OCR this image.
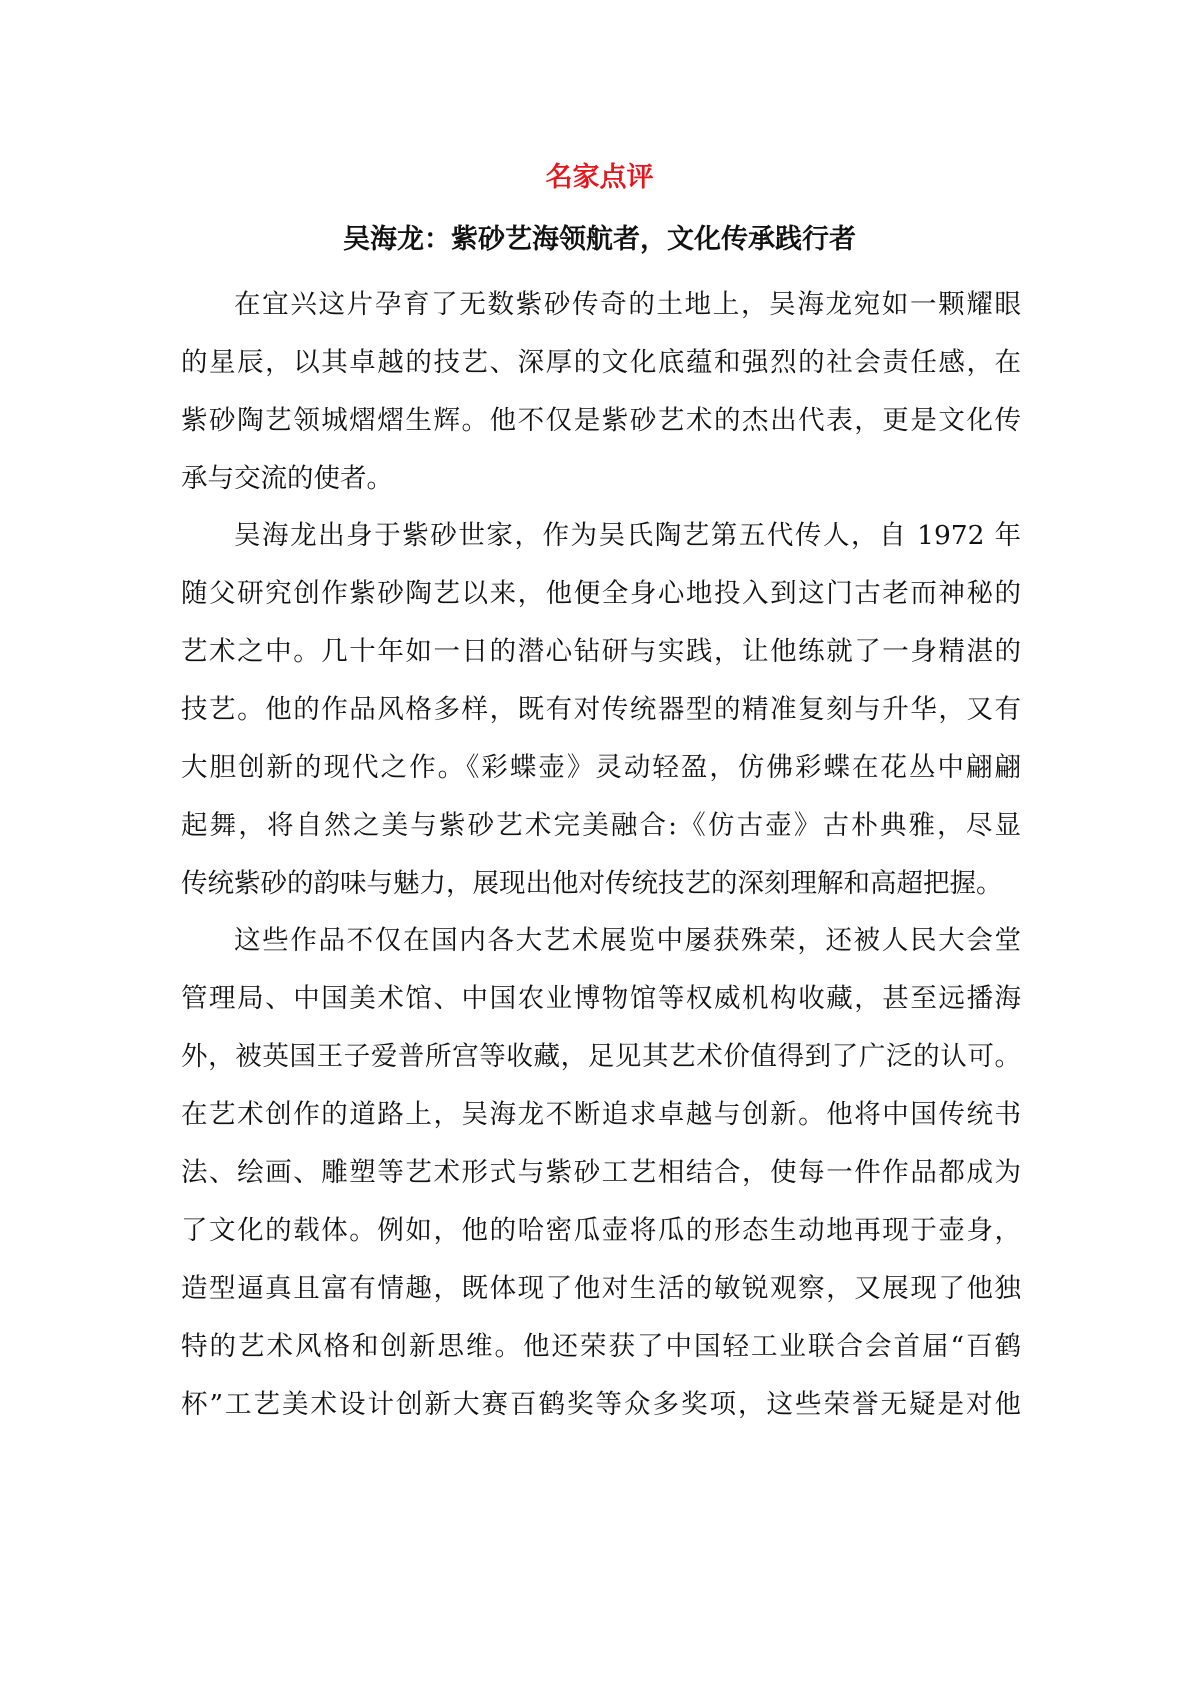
名家点评
吴海龙：紫砂艺海领航者，文化传承践行者
在宜兴这片孕育了无数紫砂传奇的土地上，吴海龙宛如一颗耀眼
的星辰，以其卓越的技艺、深厚的文化底蕴和强烈的社会责任感，在
紫砂陶艺领城熠熠生辉。他不仅是紫砂艺术的杰出代表，更是文化传
承与交流的使者。
吴海龙出身于紫砂世家，作为吴氏陶艺第五代传人，自 1972 年
随父研究创作紫砂陶艺以来，他便全身心地投入到这门古老而神秘的
艺术之中。几十年如一日的潜心钻研与实践，让他练就了一身精湛的
技艺。他的作品风格多样，既有对传统器型的精准复刻与升华，又有
大胆创新的现代之作。《彩蝶壶》灵动轻盈，仿佛彩蝶在花丛中翩翩
起舞，将自然之美与紫砂艺术完美融合:《仿古壶》古朴典雅，尽显
传统紫砂的韵味与魅力，展现出他对传统技艺的深刻理解和高超把握。
这些作品不仅在国内各大艺术展览中屡获殊荣，还被人民大会堂
管理局、中国美术馆、中国农业博物馆等权威机构收藏，甚至远播海
外，被英国王子爱普所宫等收藏，足见其艺术价值得到了广泛的认可。
在艺术创作的道路上，吴海龙不断追求卓越与创新。他将中国传统书
法、绘画、雕塑等艺术形式与紫砂工艺相结合，使每一件作品都成为
了文化的载体。例如，他的哈密瓜壶将瓜的形态生动地再现于壶身，
造型逼真且富有情趣，既体现了他对生活的敏锐观察，又展现了他独
特的艺术风格和创新思维。他还荣获了中国轻工业联合会首届“百鹤
杯”工艺美术设计创新大赛百鹤奖等众多奖项，这些荣誉无疑是对他
